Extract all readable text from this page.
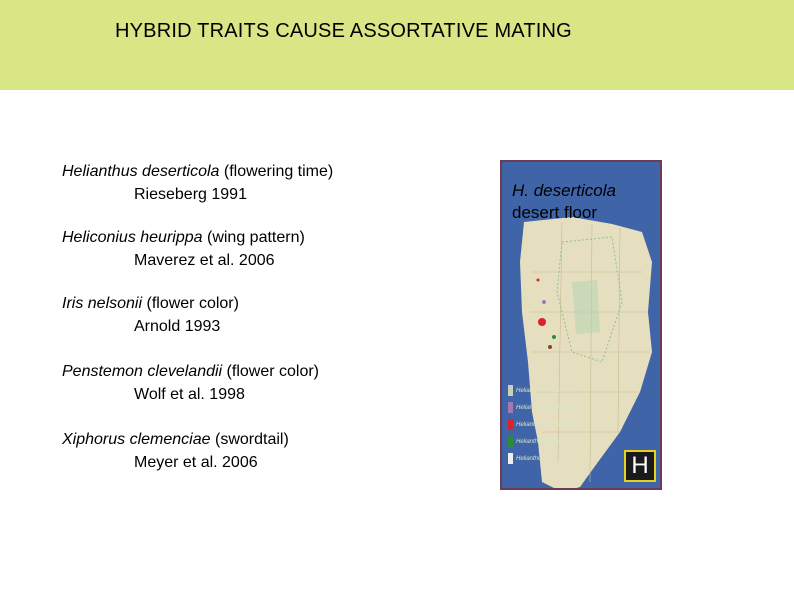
HYBRID TRAITS CAUSE ASSORTATIVE MATING
Helianthus deserticola (flowering time)
Rieseberg 1991
Heliconius heurippa (wing pattern)
Maverez et al. 2006
Iris nelsonii (flower color)
Arnold 1993
Penstemon clevelandii (flower color)
Wolf et al. 1998
Xiphorus clemenciae (swordtail)
Meyer et al. 2006
H. deserticola
desert floor
Helianthus deserticola
Helianthus anomalus
Helianthus paradoxus
Helianthus petiolaris
Helianthus annuus	H
